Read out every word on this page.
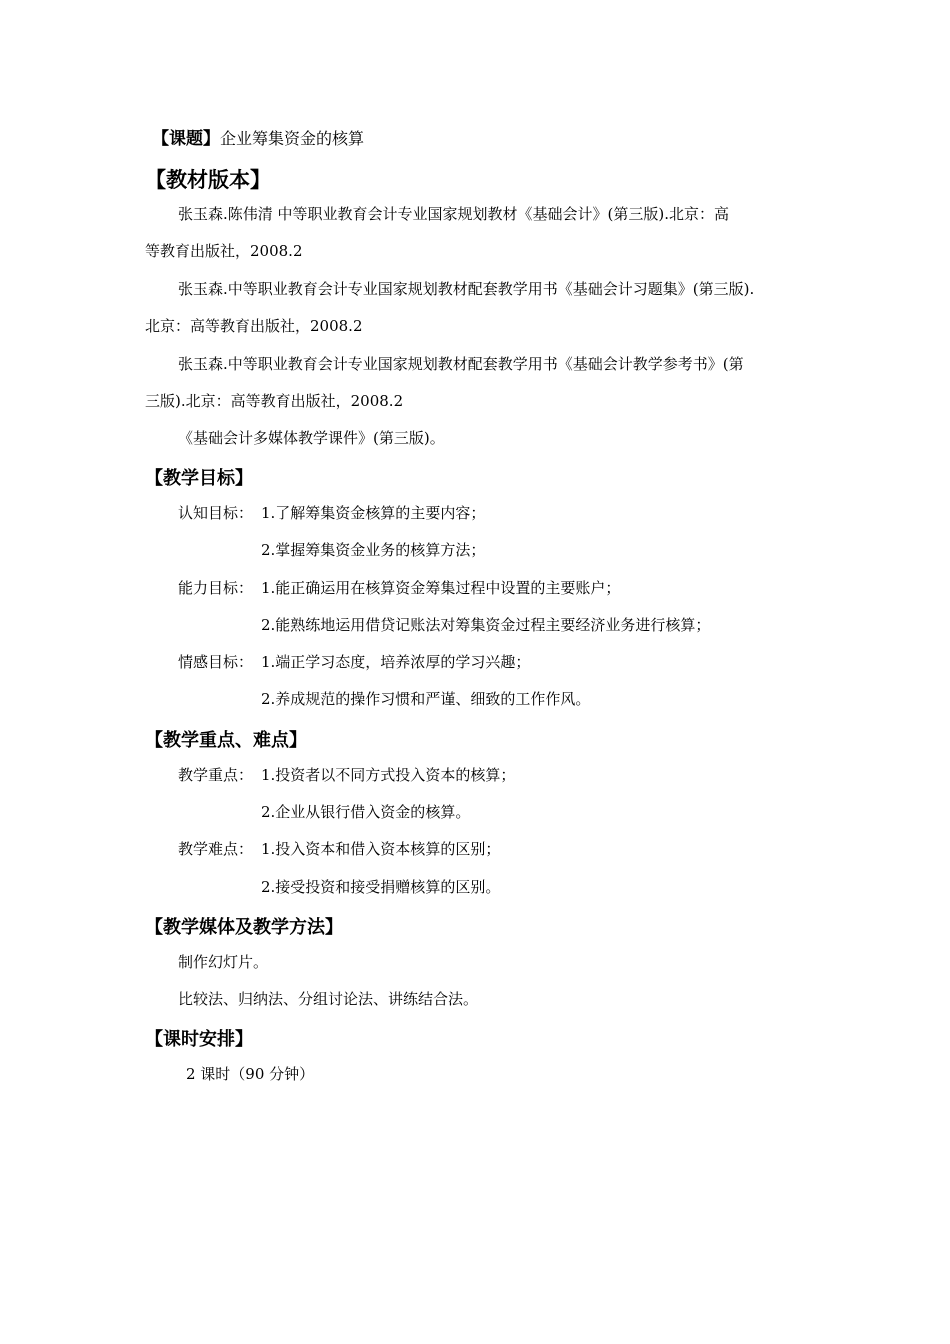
【课题】企业筹集资金的核算
【教材版本】
张玉森.陈伟清 中等职业教育会计专业国家规划教材《基础会计》(第三版).北京：高
等教育出版社，2008.2
张玉森.中等职业教育会计专业国家规划教材配套教学用书《基础会计习题集》(第三版).
北京：高等教育出版社，2008.2
张玉森.中等职业教育会计专业国家规划教材配套教学用书《基础会计教学参考书》(第
三版).北京：高等教育出版社，2008.2
《基础会计多媒体教学课件》(第三版)。
【教学目标】
认知目标： 1.了解筹集资金核算的主要内容；
2.掌握筹集资金业务的核算方法；
能力目标： 1.能正确运用在核算资金筹集过程中设置的主要账户；
2.能熟练地运用借贷记账法对筹集资金过程主要经济业务进行核算；
情感目标： 1.端正学习态度，培养浓厚的学习兴趣；
2.养成规范的操作习惯和严谨、细致的工作作风。
【教学重点、难点】
教学重点： 1.投资者以不同方式投入资本的核算；
2.企业从银行借入资金的核算。
教学难点： 1.投入资本和借入资本核算的区别；
2.接受投资和接受捐赠核算的区别。
【教学媒体及教学方法】
制作幻灯片。
比较法、归纳法、分组讨论法、讲练结合法。
【课时安排】
2 课时（90 分钟）
